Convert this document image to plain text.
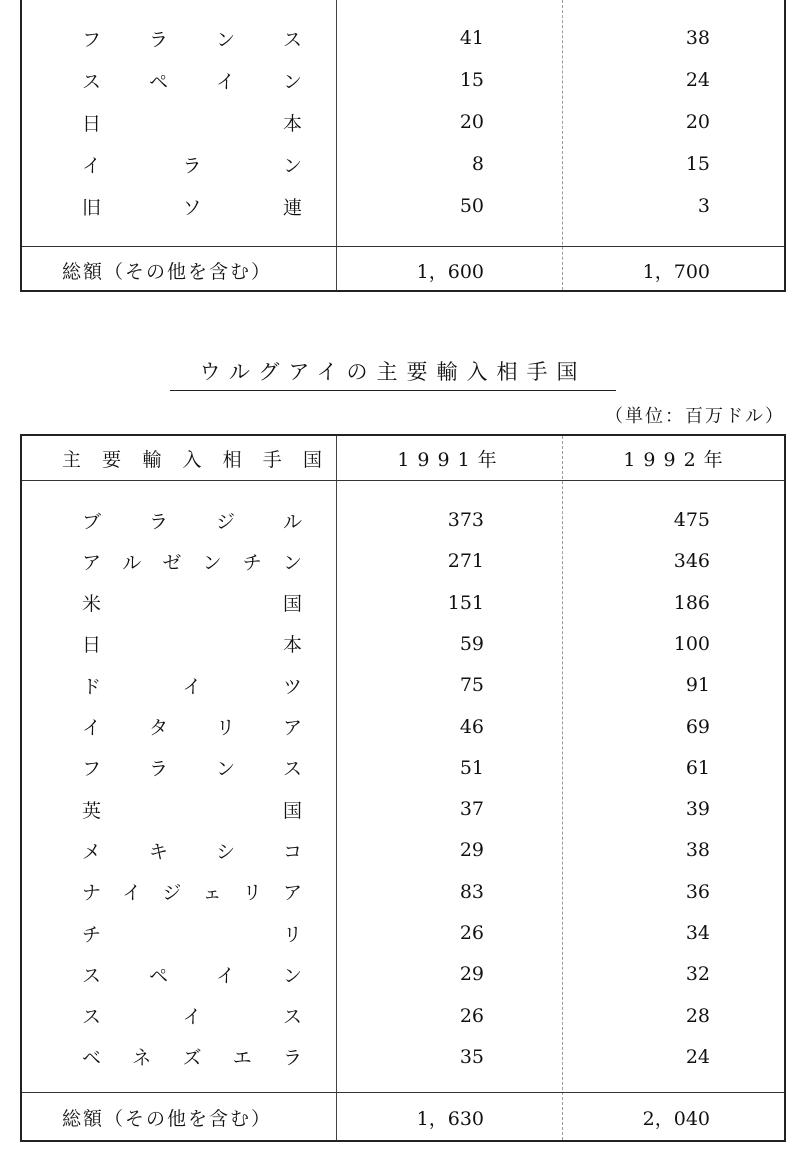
フ	ラ	ン	ス	41	38
ス	ペ	イ	ン	15	24
日	本	20	20
イ	ラ	ン	8	15
旧	ソ	連	50	3
総額（その他を含む）	1，600	1，700
ウルグアイの主要輸入相手国
（単位：百万ドル）
主 要 輸 入 相 手 国	1991年	1992年
ブ	ラ	ジ	ル	373	475
ア ル ゼ ン チ ン	271	346
米	国	151	186
日	本	59	100
ド	イ	ツ	75	91
イ	タ	リ	ア	46	69
フ	ラ	ン	ス	51	61
英	国	37	39
メ	キ	シ	コ	29	38
ナ イ ジ ェ リ ア	83	36
チ	リ	26	34
ス	ペ	イ	ン	29	32
ス	イ	ス	26	28
ベ ネ ズ エ ラ	35	24
総額（その他を含む）	1，630	2，040
